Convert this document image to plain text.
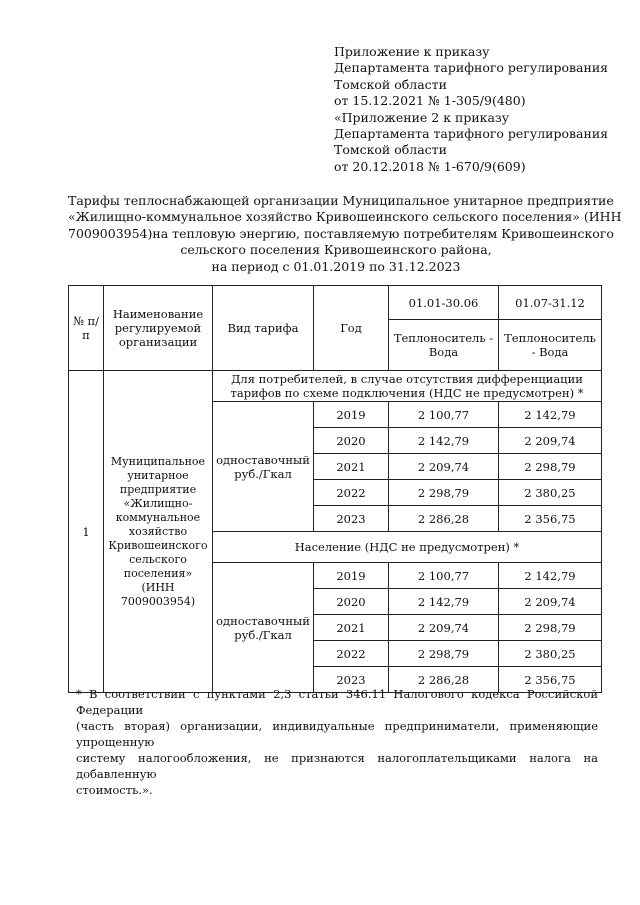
Приложение к приказу
Департамента тарифного регулирования
Томской области
от 15.12.2021 № 1-305/9(480)
«Приложение 2 к приказу
Департамента тарифного регулирования
Томской области
от 20.12.2018 № 1-670/9(609)
Тарифы теплоснабжающей организации Муниципальное унитарное предприятие
«Жилищно-коммунальное хозяйство Кривошеинского сельского поселения» (ИНН
7009003954)на тепловую энергию, поставляемую потребителям Кривошеинского
сельского поселения Кривошеинского района,
на период с 01.01.2019 по 31.12.2023
№ п/п	Наименование регулируемой организации	Вид тарифа	Год	01.01-30.06	01.07-31.12
				Теплоноситель - Вода	Теплоноситель - Вода
1	Муниципальное унитарное предприятие «Жилищно-коммунальное хозяйство Кривошеинского сельского поселения» (ИНН 7009003954)	Для потребителей, в случае отсутствия дифференциации тарифов по схеме подключения (НДС не предусмотрен) *			
		одноставочный руб./Гкал	2019	2 100,77	2 142,79
			2020	2 142,79	2 209,74
			2021	2 209,74	2 298,79
			2022	2 298,79	2 380,25
			2023	2 286,28	2 356,75
		Население (НДС не предусмотрен) *			
		одноставочный руб./Гкал	2019	2 100,77	2 142,79
			2020	2 142,79	2 209,74
			2021	2 209,74	2 298,79
			2022	2 298,79	2 380,25
			2023	2 286,28	2 356,75
* В соответствии с пунктами 2,3 статьи 346.11 Налогового кодекса Российской Федерации
(часть вторая) организации, индивидуальные предприниматели, применяющие упрощенную
систему налогообложения, не признаются налогоплательщиками налога на добавленную
стоимость.».
